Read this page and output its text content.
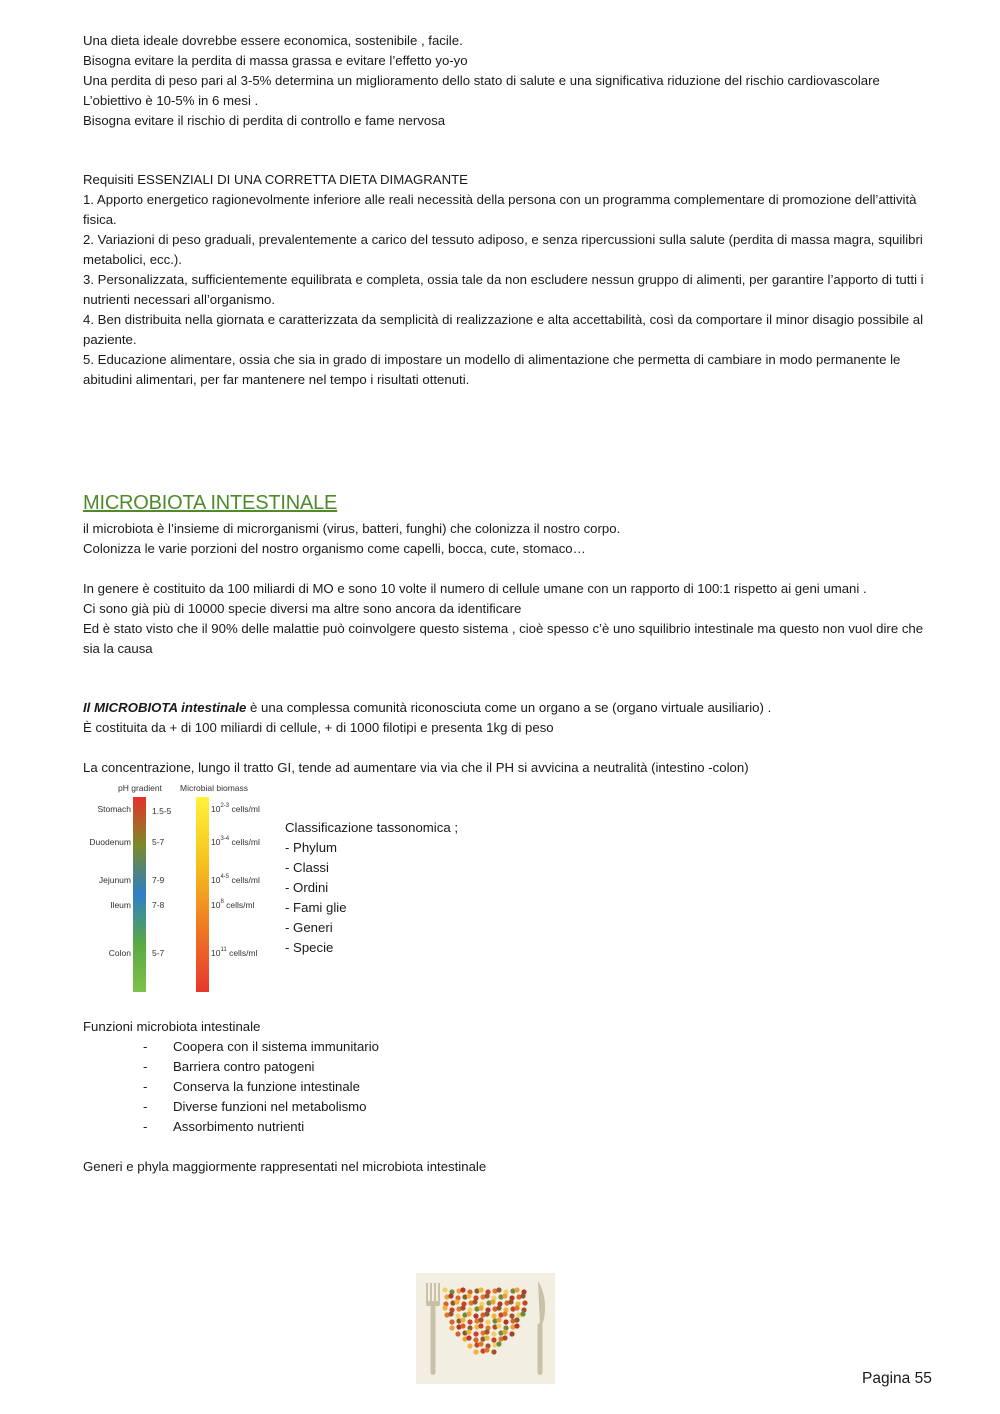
Una dieta ideale dovrebbe essere economica, sostenibile , facile.

Bisogna evitare la perdita di massa grassa e evitare l’effetto yo-yo

Una perdita di peso pari al 3-5% determina un miglioramento dello stato di salute e una significativa riduzione del rischio cardiovascolare

L’obiettivo è 10-5% in 6 mesi .

Bisogna evitare il rischio di perdita di controllo e fame nervosa

Requisiti ESSENZIALI DI UNA CORRETTA DIETA DIMAGRANTE

1. Apporto energetico ragionevolmente inferiore alle reali necessità della persona con un programma complementare di promozione dell’attività fisica.

2. Variazioni di peso graduali, prevalentemente a carico del tessuto adiposo, e senza ripercussioni sulla salute (perdita di massa magra, squilibri metabolici, ecc.).

3. Personalizzata, sufficientemente equilibrata e completa, ossia tale da non escludere nessun gruppo di alimenti, per garantire l’apporto di tutti i nutrienti necessari all’organismo.

4. Ben distribuita nella giornata e caratterizzata da semplicità di realizzazione e alta accettabilità, così da comportare il minor disagio possibile al paziente.

5. Educazione alimentare, ossia che sia in grado di impostare un modello di alimentazione che permetta di cambiare in modo permanente le abitudini alimentari, per far mantenere nel tempo i risultati ottenuti.

MICROBIOTA INTESTINALE

il microbiota è l’insieme di microrganismi (virus, batteri, funghi) che colonizza il nostro corpo.

Colonizza le varie porzioni del nostro organismo come capelli, bocca, cute, stomaco…

In genere è costituito da 100 miliardi di MO e sono 10 volte il numero di cellule umane con un rapporto di 100:1 rispetto ai geni umani .

Ci sono già più di 10000 specie diversi ma altre sono ancora da identificare

Ed è stato visto che il 90% delle malattie può coinvolgere questo sistema , cioè spesso c’è uno squilibrio intestinale ma questo non vuol dire che sia la causa

Il MICROBIOTA intestinale è una complessa comunità riconosciuta come un organo a se (organo virtuale ausiliario) .

È costituita da + di 100 miliardi di cellule, + di 1000 filotipi e presenta 1kg di peso

La concentrazione, lungo il tratto GI, tende ad aumentare via via che il PH si avvicina a neutralità (intestino -colon)

pH gradient Microbial biomass
Stomach 1.5-5	10$^{2-3}$ cells/ml
Duodenum 5-7	10$^{3-4}$ cells/ml
Jejunum 7-9	10$^{4-5}$ cells/ml
Ileum 7-8	$10^8$ cells/ml
Colon 5-7	$10^{11}$ cells/ml

Classificazione tassonomica ;

- Phylum

- Classi

- Ordini

- Fami glie

- Generi

- Specie

Funzioni microbiota intestinale

- Coopera con il sistema immunitario
- Barriera contro patogeni
- Conserva la funzione intestinale
- Diverse funzioni nel metabolismo
- Assorbimento nutrienti

Generi e phyla maggiormente rappresentati nel microbiota intestinale

Pagina 55
